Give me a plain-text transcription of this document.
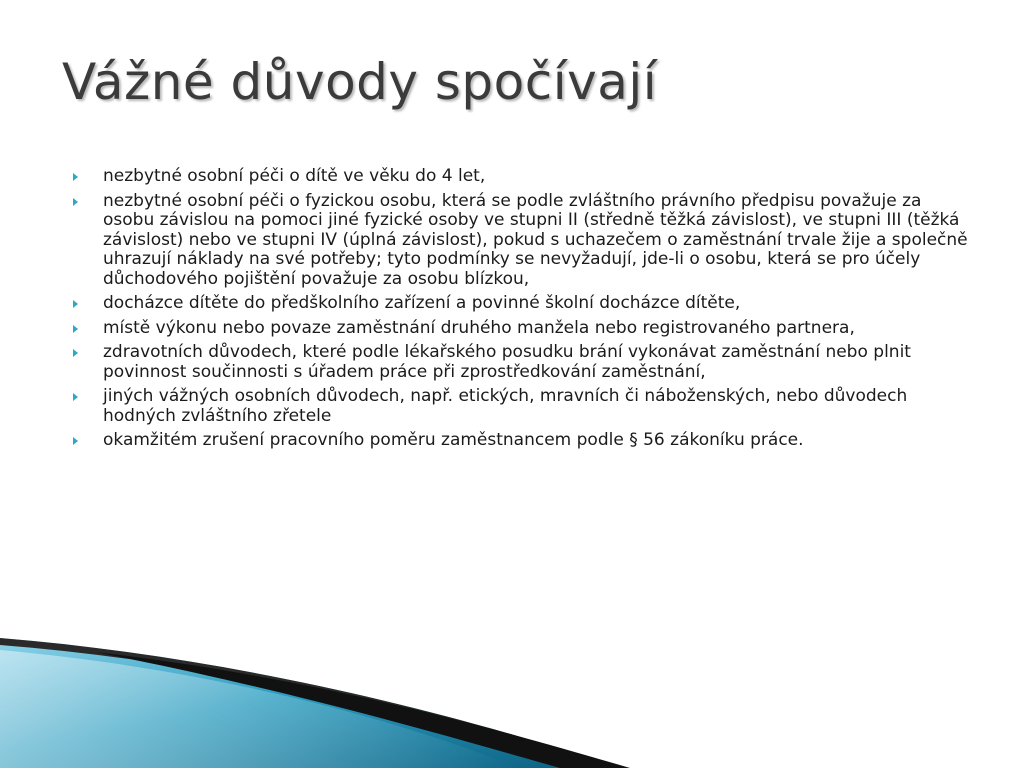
Vážné důvody spočívají
nezbytné osobní péči o dítě ve věku do 4 let,
nezbytné osobní péči o fyzickou osobu, která se podle zvláštního právního předpisu považuje za osobu závislou na pomoci jiné fyzické osoby ve stupni II (středně těžká závislost), ve stupni III (těžká závislost) nebo ve stupni IV (úplná závislost), pokud s uchazečem o zaměstnání trvale žije a společně uhrazují náklady na své potřeby; tyto podmínky se nevyžadují, jde-li o osobu, která se pro účely důchodového pojištění považuje za osobu blízkou,
docházce dítěte do předškolního zařízení a povinné školní docházce dítěte,
místě výkonu nebo povaze zaměstnání druhého manžela nebo registrovaného partnera,
zdravotních důvodech, které podle lékařského posudku brání vykonávat zaměstnání nebo plnit povinnost součinnosti s úřadem práce při zprostředkování zaměstnání,
jiných vážných osobních důvodech, např. etických, mravních či náboženských, nebo důvodech hodných zvláštního zřetele
okamžitém zrušení pracovního poměru zaměstnancem podle § 56 zákoníku práce.
